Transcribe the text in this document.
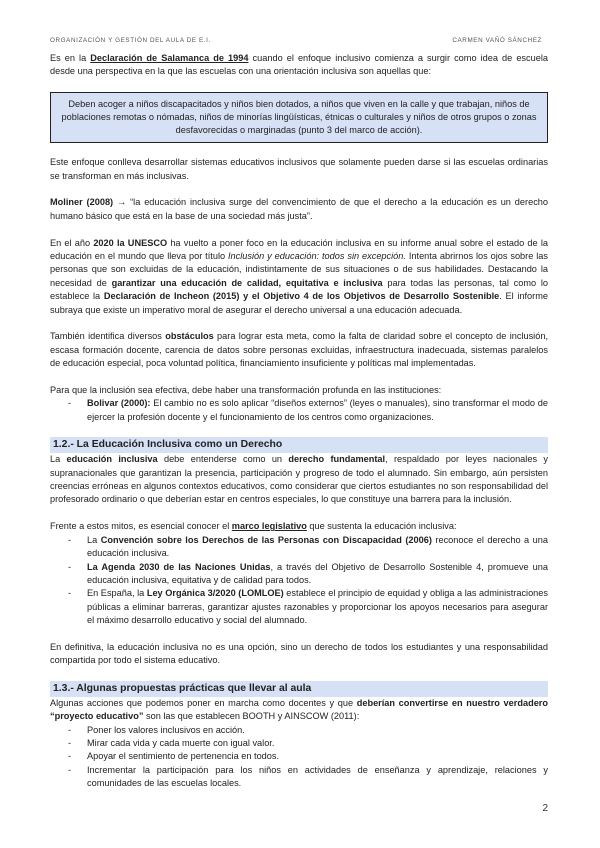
ORGANIZACIÓN Y GESTIÓN DEL AULA DE E.I.	CARMEN VAÑÓ SÁNCHEZ

Es en la Declaración de Salamanca de 1994 cuando el enfoque inclusivo comienza a surgir como idea de escuela desde una perspectiva en la que las escuelas con una orientación inclusiva son aquellas que:

Deben acoger a niños discapacitados y niños bien dotados, a niños que viven en la calle y que trabajan, niños de poblaciones remotas o nómadas, niños de minorías lingüísticas, étnicas o culturales y niños de otros grupos o zonas desfavorecidas o marginadas (punto 3 del marco de acción).

Este enfoque conlleva desarrollar sistemas educativos inclusivos que solamente pueden darse si las escuelas ordinarias se transforman en más inclusivas.

Moliner (2008) → “la educación inclusiva surge del convencimiento de que el derecho a la educación es un derecho humano básico que está en la base de una sociedad más justa”.

En el año 2020 la UNESCO ha vuelto a poner foco en la educación inclusiva en su informe anual sobre el estado de la educación en el mundo que lleva por título Inclusión y educación: todos sin excepción. Intenta abrirnos los ojos sobre las personas que son excluidas de la educación, indistintamente de sus situaciones o de sus habilidades. Destacando la necesidad de garantizar una educación de calidad, equitativa e inclusiva para todas las personas, tal como lo establece la Declaración de Incheon (2015) y el Objetivo 4 de los Objetivos de Desarrollo Sostenible. El informe subraya que existe un imperativo moral de asegurar el derecho universal a una educación adecuada.

También identifica diversos obstáculos para lograr esta meta, como la falta de claridad sobre el concepto de inclusión, escasa formación docente, carencia de datos sobre personas excluidas, infraestructura inadecuada, sistemas paralelos de educación especial, poca voluntad política, financiamiento insuficiente y políticas mal implementadas.

Para que la inclusión sea efectiva, debe haber una transformación profunda en las instituciones:
- Bolivar (2000): El cambio no es solo aplicar “diseños externos” (leyes o manuales), sino transformar el modo de ejercer la profesión docente y el funcionamiento de los centros como organizaciones.
1.2.- La Educación Inclusiva como un Derecho

La educación inclusiva debe entenderse como un derecho fundamental, respaldado por leyes nacionales y supranacionales que garantizan la presencia, participación y progreso de todo el alumnado. Sin embargo, aún persisten creencias erróneas en algunos contextos educativos, como considerar que ciertos estudiantes no son responsabilidad del profesorado ordinario o que deberían estar en centros especiales, lo que constituye una barrera para la inclusión.

Frente a estos mitos, es esencial conocer el marco legislativo que sustenta la educación inclusiva:
- La Convención sobre los Derechos de las Personas con Discapacidad (2006) reconoce el derecho a una educación inclusiva.
- La Agenda 2030 de las Naciones Unidas, a través del Objetivo de Desarrollo Sostenible 4, promueve una educación inclusiva, equitativa y de calidad para todos.
- En España, la Ley Orgánica 3/2020 (LOMLOE) establece el principio de equidad y obliga a las administraciones públicas a eliminar barreras, garantizar ajustes razonables y proporcionar los apoyos necesarios para asegurar el máximo desarrollo educativo y social del alumnado.

En definitiva, la educación inclusiva no es una opción, sino un derecho de todos los estudiantes y una responsabilidad compartida por todo el sistema educativo.

1.3.- Algunas propuestas prácticas que llevar al aula
Algunas acciones que podemos poner en marcha como docentes y que deberían convertirse en nuestro verdadero “proyecto educativo” son las que establecen BOOTH y AINSCOW (2011):
- Poner los valores inclusivos en acción.
- Mirar cada vida y cada muerte con igual valor.
- Apoyar el sentimiento de pertenencia en todos.
- Incrementar la participación para los niños en actividades de enseñanza y aprendizaje, relaciones y comunidades de las escuelas locales.
2
